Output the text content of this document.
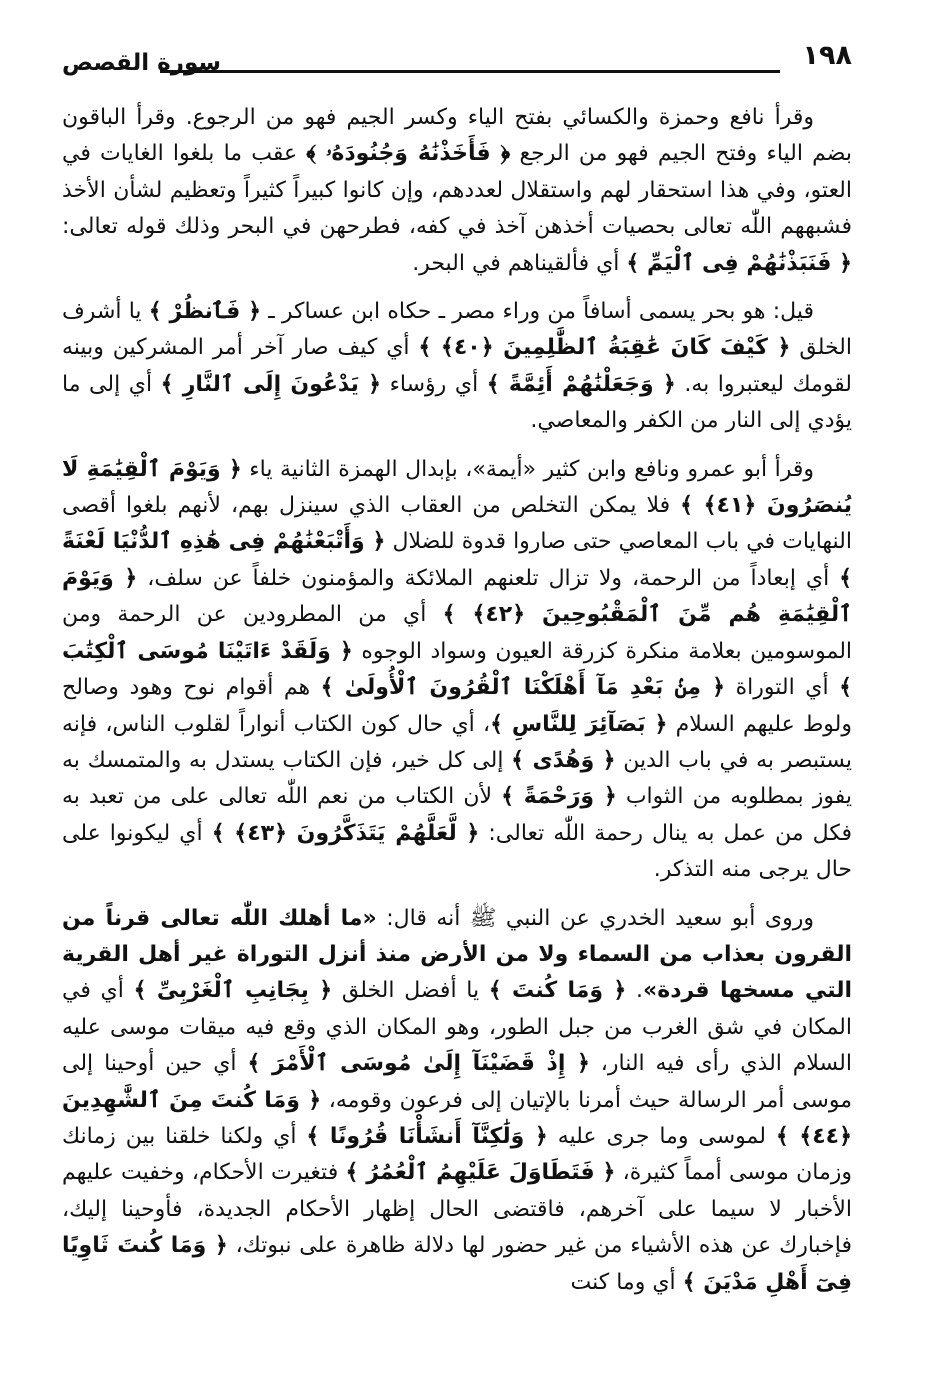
١٩٨
سورة القصص

وقرأ نافع وحمزة والكسائي بفتح الياء وكسر الجيم فهو من الرجوع. وقرأ الباقون بضم الياء وفتح الجيم فهو من الرجع ﴿ فَأَخَذْنَٰهُ وَجُنُودَهُۥ ﴾ عقب ما بلغوا الغايات في العتو، وفي هذا استحقار لهم واستقلال لعددهم، وإن كانوا كبيراً كثيراً وتعظيم لشأن الأخذ فشبههم اللّٰه تعالى بحصيات أخذهن آخذ في كفه، فطرحهن في البحر وذلك قوله تعالى: ﴿ فَنَبَذْنَٰهُمْ فِى ٱلْيَمِّ ﴾ أي فألقيناهم في البحر.

قيل: هو بحر يسمى أسافاً من وراء مصر ـ حكاه ابن عساكر ـ ﴿ فَٱنظُرْ ﴾ يا أشرف الخلق ﴿ كَيْفَ كَانَ عَٰقِبَةُ ٱلظَّٰلِمِينَ ﴿٤٠﴾ ﴾ أي كيف صار آخر أمر المشركين وبينه لقومك ليعتبروا به. ﴿ وَجَعَلْنَٰهُمْ أَئِمَّةً ﴾ أي رؤساء ﴿ يَدْعُونَ إِلَى ٱلنَّارِ ﴾ أي إلى ما يؤدي إلى النار من الكفر والمعاصي.

وقرأ أبو عمرو ونافع وابن كثير «أيمة»، بإبدال الهمزة الثانية ياء ﴿ وَيَوْمَ ٱلْقِيَٰمَةِ لَا يُنصَرُونَ ﴿٤١﴾ ﴾ فلا يمكن التخلص من العقاب الذي سينزل بهم، لأنهم بلغوا أقصى النهايات في باب المعاصي حتى صاروا قدوة للضلال ﴿ وَأَتْبَعْنَٰهُمْ فِى هَٰذِهِ ٱلدُّنْيَا لَعْنَةً ﴾ أي إبعاداً من الرحمة، ولا تزال تلعنهم الملائكة والمؤمنون خلفاً عن سلف، ﴿ وَيَوْمَ ٱلْقِيَٰمَةِ هُم مِّنَ ٱلْمَقْبُوحِينَ ﴿٤٢﴾ ﴾ أي من المطرودين عن الرحمة ومن الموسومين بعلامة منكرة كزرقة العيون وسواد الوجوه ﴿ وَلَقَدْ ءَاتَيْنَا مُوسَى ٱلْكِتَٰبَ ﴾ أي التوراة ﴿ مِنۢ بَعْدِ مَآ أَهْلَكْنَا ٱلْقُرُونَ ٱلْأُولَىٰ ﴾ هم أقوام نوح وهود وصالح ولوط عليهم السلام ﴿ بَصَآئِرَ لِلنَّاسِ ﴾، أي حال كون الكتاب أنواراً لقلوب الناس، فإنه يستبصر به في باب الدين ﴿ وَهُدًى ﴾ إلى كل خير، فإن الكتاب يستدل به والمتمسك به يفوز بمطلوبه من الثواب ﴿ وَرَحْمَةً ﴾ لأن الكتاب من نعم اللّٰه تعالى على من تعبد به فكل من عمل به ينال رحمة اللّٰه تعالى: ﴿ لَّعَلَّهُمْ يَتَذَكَّرُونَ ﴿٤٣﴾ ﴾ أي ليكونوا على حال يرجى منه التذكر.

وروى أبو سعيد الخدري عن النبي ﷺ أنه قال: «ما أهلك اللّٰه تعالى قرناً من القرون بعذاب من السماء ولا من الأرض منذ أنزل التوراة غير أهل القرية التي مسخها قردة». ﴿ وَمَا كُنتَ ﴾ يا أفضل الخلق ﴿ بِجَانِبِ ٱلْغَرْبِىِّ ﴾ أي في المكان في شق الغرب من جبل الطور، وهو المكان الذي وقع فيه ميقات موسى عليه السلام الذي رأى فيه النار، ﴿ إِذْ قَضَيْنَآ إِلَىٰ مُوسَى ٱلْأَمْرَ ﴾ أي حين أوحينا إلى موسى أمر الرسالة حيث أمرنا بالإتيان إلى فرعون وقومه، ﴿ وَمَا كُنتَ مِنَ ٱلشَّٰهِدِينَ ﴿٤٤﴾ ﴾ لموسى وما جرى عليه ﴿ وَلَٰكِنَّآ أَنشَأْنَا قُرُونًا ﴾ أي ولكنا خلقنا بين زمانك وزمان موسى أمماً كثيرة، ﴿ فَتَطَاوَلَ عَلَيْهِمُ ٱلْعُمُرُ ﴾ فتغيرت الأحكام، وخفيت عليهم الأخبار لا سيما على آخرهم، فاقتضى الحال إظهار الأحكام الجديدة، فأوحينا إليك، فإخبارك عن هذه الأشياء من غير حضور لها دلالة ظاهرة على نبوتك، ﴿ وَمَا كُنتَ ثَاوِيًا فِىٓ أَهْلِ مَدْيَنَ ﴾ أي وما كنت
